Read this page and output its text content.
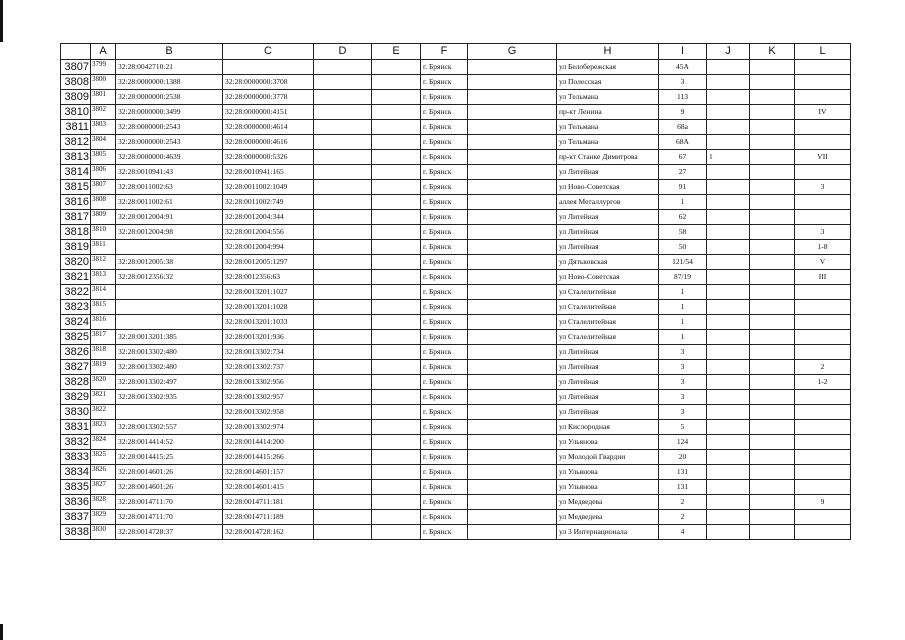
	A	B	C	D	E	F	G	H	I	J	K	L
3807	3799	32:28:0042710:21				г. Брянск		ул Белобережская	45А			
3808	3800	32:28:0000000:1388	32:28:0000000:3708			г. Брянск		ул Полесская	3			
3809	3801	32:28:0000000:2538	32:28:0000000:3778			г. Брянск		ул Тельмана	113			
3810	3802	32:28:0000000:3499	32:28:0000000:4151			г. Брянск		пр-кт Ленина	9			IV
3811	3803	32:28:0000000:2543	32:28:0000000:4614			г. Брянск		ул Тельмана	68а			
3812	3804	32:28:0000000:2543	32:28:0000000:4616			г. Брянск		ул Тельмана	68А			
3813	3805	32:28:0000000:4639	32:28:0000000:5326			г. Брянск		пр-кт Станке Димитрова	67	1		VII
3814	3806	32:28:0010941:43	32:28:0010941:165			г. Брянск		ул Литейная	27			
3815	3807	32:28:0011002:63	32:28:0011002:1049			г. Брянск		ул Ново-Советская	91			3
3816	3808	32:28:0011002:61	32:28:0011002:749			г. Брянск		аллея Металлургов	1			
3817	3809	32:28:0012004:91	32:28:0012004:344			г. Брянск		ул Литейная	62			
3818	3810	32:28:0012004:98	32:28:0012004:556			г. Брянск		ул Литейная	58			3
3819	3811		32:28:0012004:994			г. Брянск		ул Литейная	50			1-8
3820	3812	32:28:0012005:38	32:28:0012005:1297			г. Брянск		ул Дятьковская	121/54			V
3821	3813	32:28:0012356:32	32:28:0012356:63			г. Брянск		ул Ново-Советская	87/19			III
3822	3814		32:28:0013201:1027			г. Брянск		ул Сталелитейная	1			
3823	3815		32:28:0013201:1028			г. Брянск		ул Сталелитейная	1			
3824	3816		32:28:0013201:1033			г. Брянск		ул Сталелитейная	1			
3825	3817	32:28:0013201:385	32:28:0013201:936			г. Брянск		ул Сталелитейная	1			
3826	3818	32:28:0013302:480	32:28:0013302:734			г. Брянск		ул Литейная	3			
3827	3819	32:28:0013302:480	32:28:0013302:737			г. Брянск		ул Литейная	3			2
3828	3820	32:28:0013302:497	32:28:0013302:956			г. Брянск		ул Литейная	3			1-2
3829	3821	32:28:0013302:935	32:28:0013302:957			г. Брянск		ул Литейная	3			
3830	3822		32:28:0013302:958			г. Брянск		ул Литейная	3			
3831	3823	32:28:0013302:557	32:28:0013302:974			г. Брянск		ул Кислородная	5			
3832	3824	32:28:0014414:52	32:28:0014414:200			г. Брянск		ул Ульянова	124			
3833	3825	32:28:0014415:25	32:28:0014415:266			г. Брянск		ул Молодой Гвардии	20			
3834	3826	32:28:0014601:26	32:28:0014601:157			г. Брянск		ул Ульянова	131			
3835	3827	32:28:0014601:26	32:28:0014601:415			г. Брянск		ул Ульянова	131			
3836	3828	32:28:0014711:70	32:28:0014711:181			г. Брянск		ул Медведева	2			9
3837	3829	32:28:0014711:70	32:28:0014711:189			г. Брянск		ул Медведева	2			
3838	3830	32:28:0014728:37	32:28:0014728:162			г. Брянск		ул 3 Интернационала	4			
